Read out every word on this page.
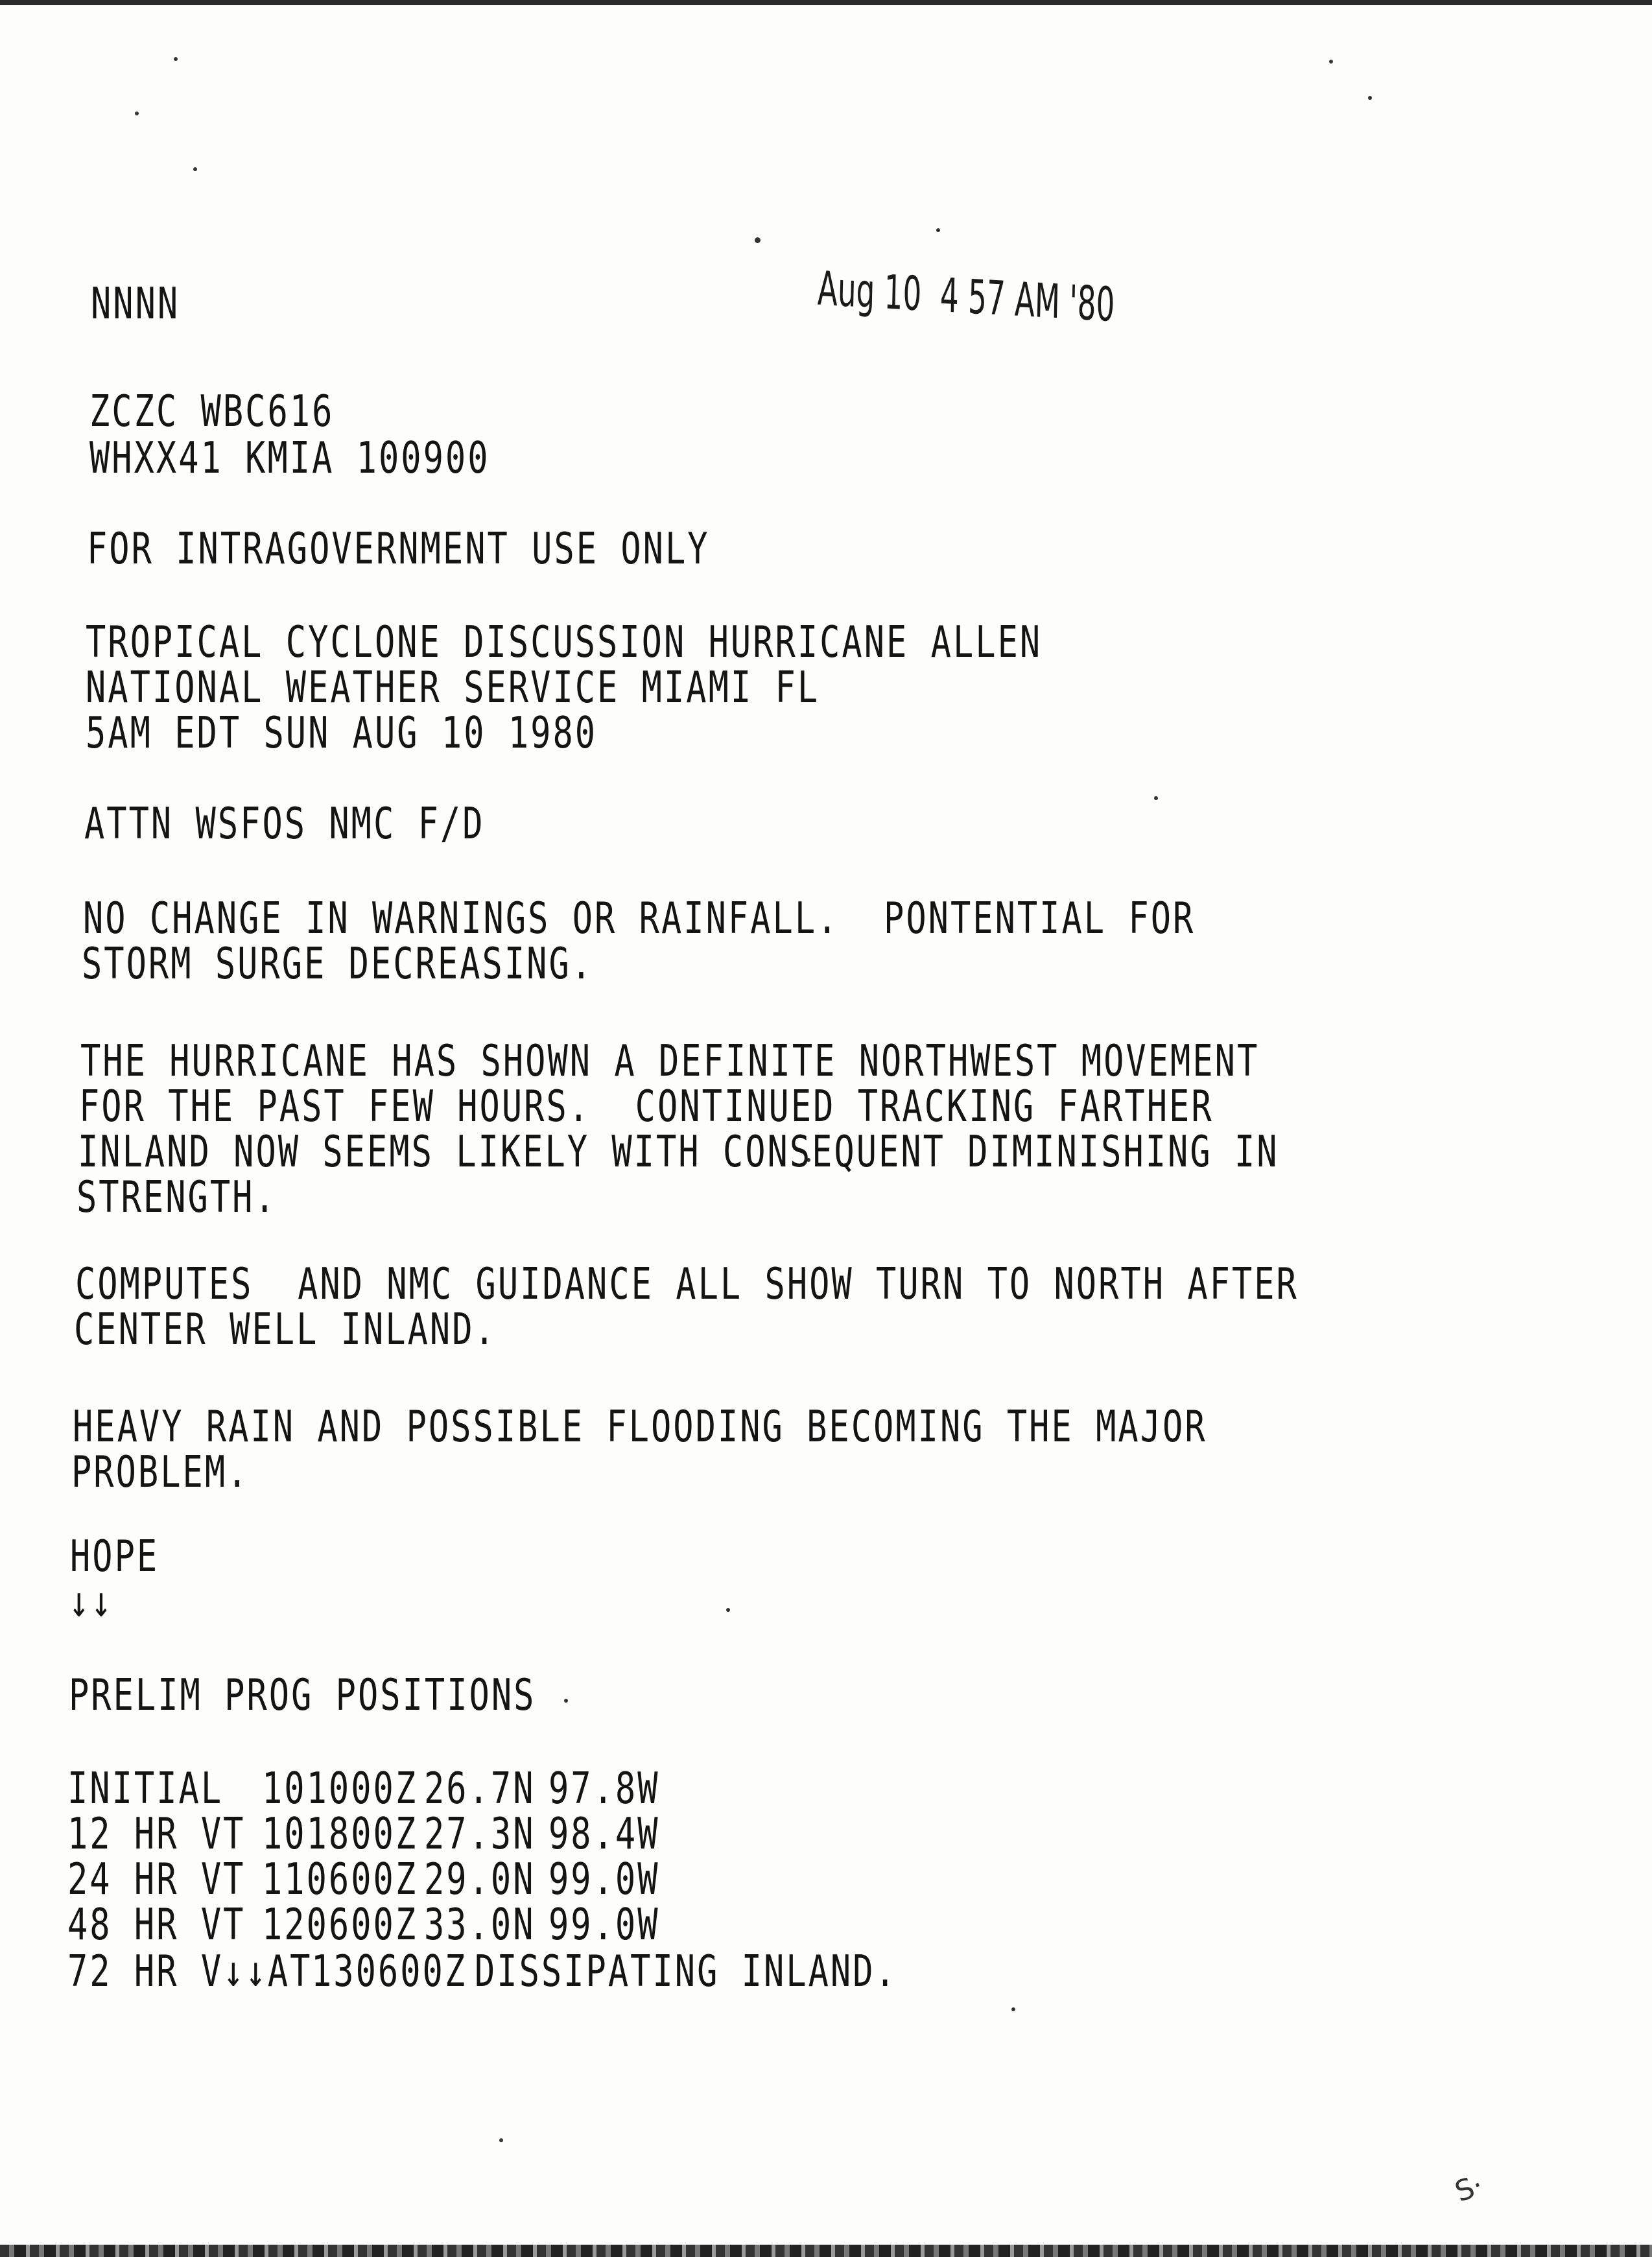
NNNN	Aug 10  4 57 AM '80
ZCZC WBC616
WHXX41 KMIA 100900
FOR INTRAGOVERNMENT USE ONLY
TROPICAL CYCLONE DISCUSSION HURRICANE ALLEN
NATIONAL WEATHER SERVICE MIAMI FL
5AM EDT SUN AUG 10 1980
ATTN WSFOS NMC F/D
NO CHANGE IN WARNINGS OR RAINFALL.  PONTENTIAL FOR
STORM SURGE DECREASING.
THE HURRICANE HAS SHOWN A DEFINITE NORTHWEST MOVEMENT
FOR THE PAST FEW HOURS.  CONTINUED TRACKING FARTHER
INLAND NOW SEEMS LIKELY WITH CONSEQUENT DIMINISHING IN
STRENGTH.
COMPUTES  AND NMC GUIDANCE ALL SHOW TURN TO NORTH AFTER
CENTER WELL INLAND.
HEAVY RAIN AND POSSIBLE FLOODING BECOMING THE MAJOR
PROBLEM.
HOPE
↓↓
PRELIM PROG POSITIONS
INITIAL 101000Z 26.7N 97.8W
12 HR VT 101800Z 27.3N 98.4W
24 HR VT 110600Z 29.0N 99.0W
48 HR VT 120600Z 33.0N 99.0W
72 HR V↓↓AT
130600Z DISSIPATING INLAND.
S·
